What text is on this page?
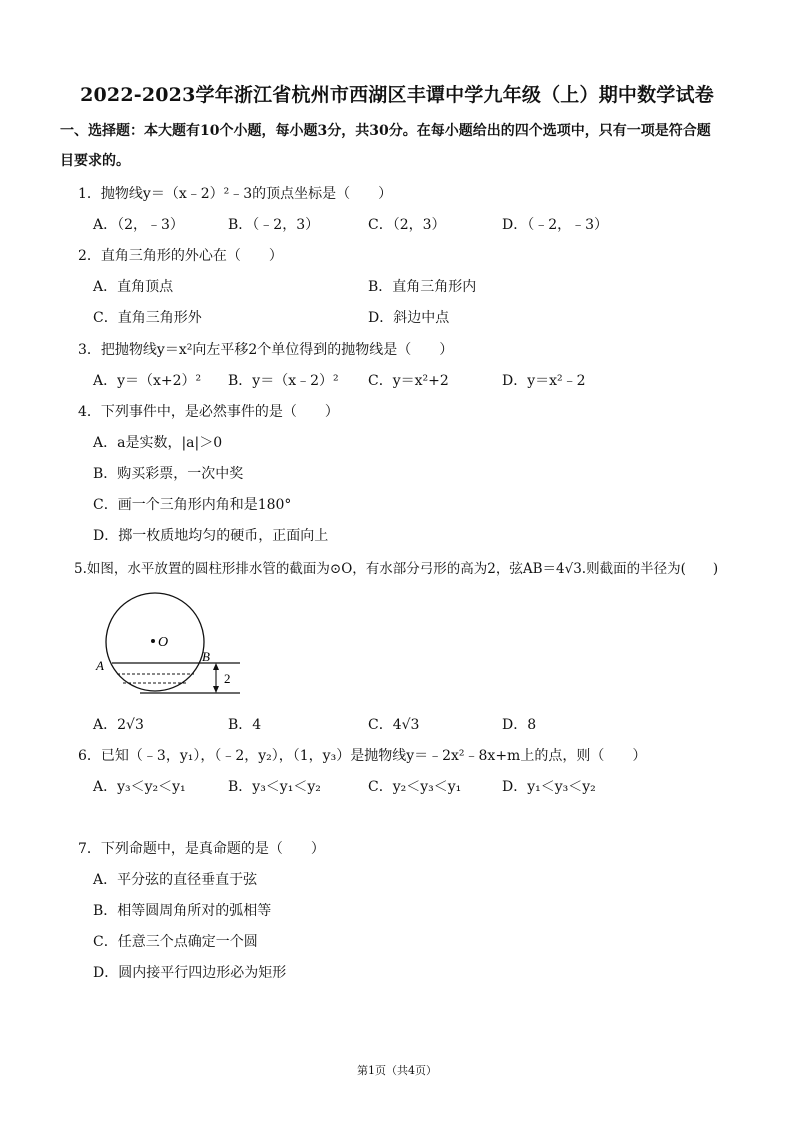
2022-2023学年浙江省杭州市西湖区丰谭中学九年级（上）期中数学试卷
一、选择题：本大题有10个小题，每小题3分，共30分。在每小题给出的四个选项中，只有一项是符合题
目要求的。
1．抛物线y＝（x﹣2）²﹣3的顶点坐标是（　　）
A．（2，﹣3）	B．（﹣2，3）	C．（2，3）	D．（﹣2，﹣3）
2．直角三角形的外心在（　　）
A．直角顶点	B．直角三角形内
C．直角三角形外	D．斜边中点
3．把抛物线y＝x²向左平移2个单位得到的抛物线是（　　）
A．y＝（x+2）² B．y＝（x﹣2）² C．y＝x²+2	D．y＝x²﹣2
4．下列事件中，是必然事件的是（　　）
A．a是实数，|a|＞0
B．购买彩票，一次中奖
C．画一个三角形内角和是180°
D．掷一枚质地均匀的硬币，正面向上
5.如图，水平放置的圆柱形排水管的截面为⊙O，有水部分弓形的高为2，弦AB＝4√3.则截面的半径为(　　)
O
2
A
B
A．2√3	B．4	C．4√3	D．8
6．已知（﹣3，y₁），（﹣2，y₂），（1，y₃）是抛物线y＝﹣2x²﹣8x+m上的点，则（　　）
A．y₃＜y₂＜y₁	B．y₃＜y₁＜y₂	C．y₂＜y₃＜y₁	D．y₁＜y₃＜y₂
7．下列命题中，是真命题的是（　　）
A．平分弦的直径垂直于弦
B．相等圆周角所对的弧相等
C．任意三个点确定一个圆
D．圆内接平行四边形必为矩形
第1页（共4页）
